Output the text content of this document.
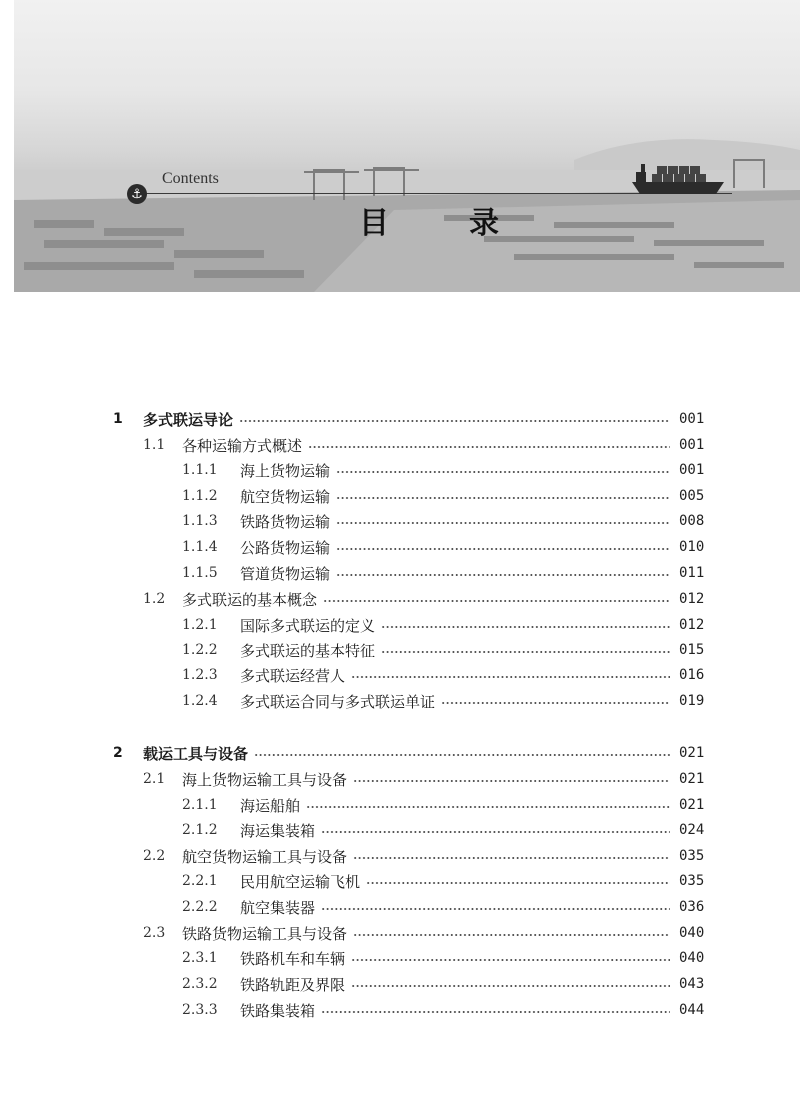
⚓
Contents
目	录
1 多式联运导论	001
1.1 各种运输方式概述	001
1.1.1 海上货物运输	001
1.1.2 航空货物运输	005
1.1.3 铁路货物运输	008
1.1.4 公路货物运输	010
1.1.5 管道货物运输	011
1.2 多式联运的基本概念	012
1.2.1 国际多式联运的定义	012
1.2.2 多式联运的基本特征	015
1.2.3 多式联运经营人	016
1.2.4 多式联运合同与多式联运单证	019
2 载运工具与设备	021
2.1 海上货物运输工具与设备	021
2.1.1 海运船舶	021
2.1.2 海运集装箱	024
2.2 航空货物运输工具与设备	035
2.2.1 民用航空运输飞机	035
2.2.2 航空集装器	036
2.3 铁路货物运输工具与设备	040
2.3.1 铁路机车和车辆	040
2.3.2 铁路轨距及界限	043
2.3.3 铁路集装箱	044
